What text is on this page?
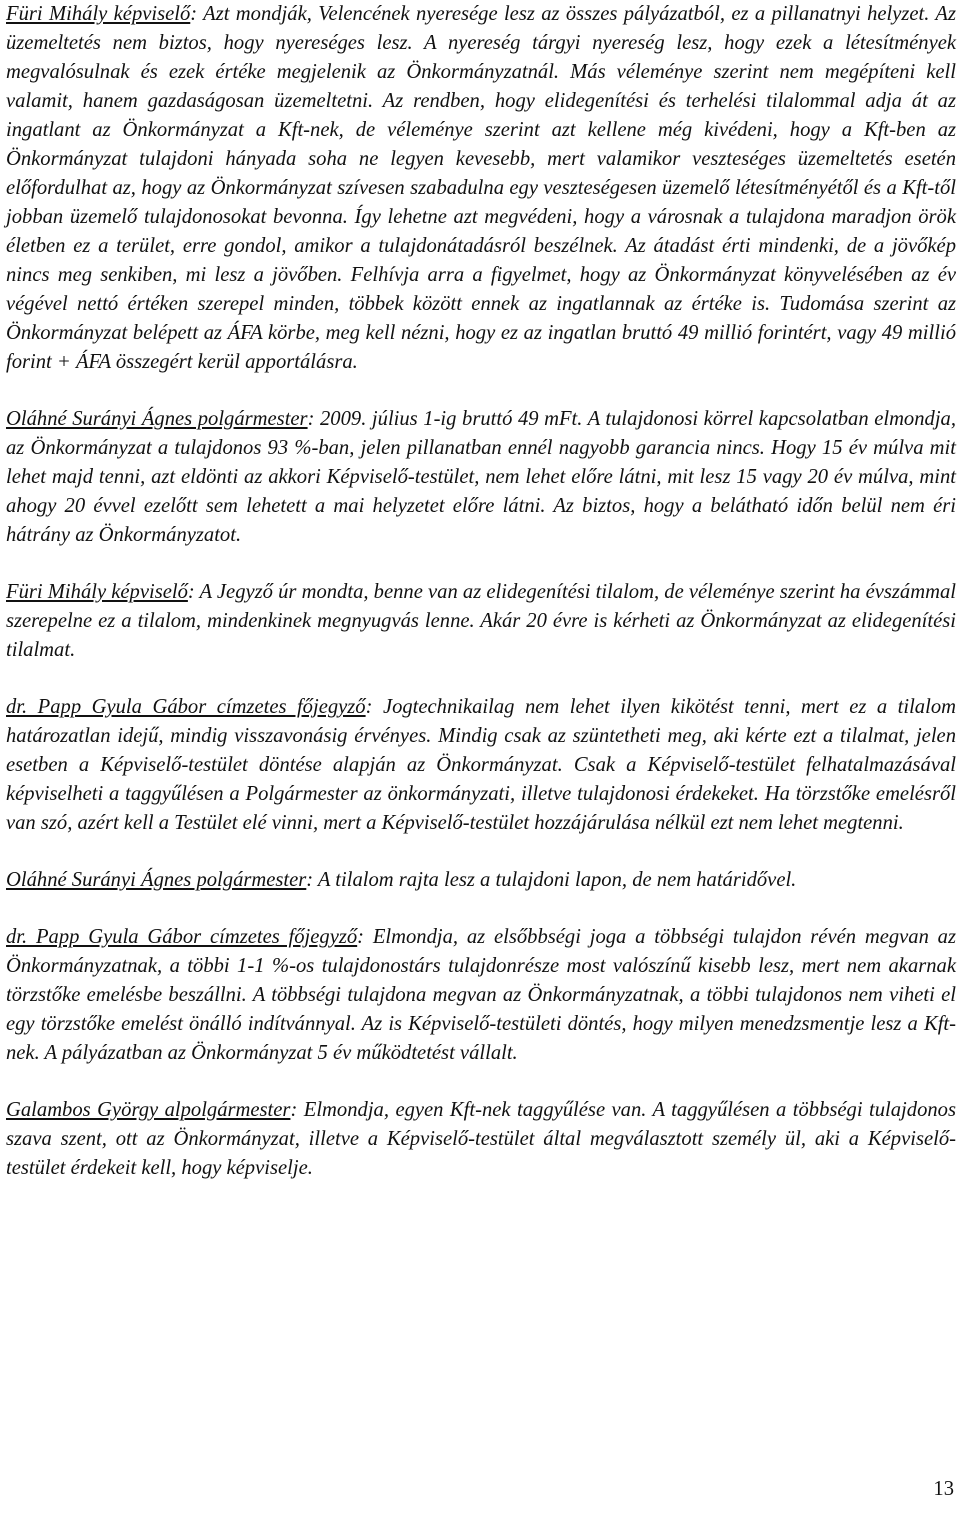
Füri Mihály képviselő: Azt mondják, Velencének nyeresége lesz az összes pályázatból, ez a pillanatnyi helyzet. Az üzemeltetés nem biztos, hogy nyereséges lesz. A nyereség tárgyi nyereség lesz, hogy ezek a létesítmények megvalósulnak és ezek értéke megjelenik az Önkormányzatnál. Más véleménye szerint nem megépíteni kell valamit, hanem gazdaságosan üzemeltetni. Az rendben, hogy elidegenítési és terhelési tilalommal adja át az ingatlant az Önkormányzat a Kft-nek, de véleménye szerint azt kellene még kivédeni, hogy a Kft-ben az Önkormányzat tulajdoni hányada soha ne legyen kevesebb, mert valamikor veszteséges üzemeltetés esetén előfordulhat az, hogy az Önkormányzat szívesen szabadulna egy veszteségesen üzemelő létesítményétől és a Kft-től jobban üzemelő tulajdonosokat bevonna. Így lehetne azt megvédeni, hogy a városnak a tulajdona maradjon örök életben ez a terület, erre gondol, amikor a tulajdonátadásról beszélnek. Az átadást érti mindenki, de a jövőkép nincs meg senkiben, mi lesz a jövőben. Felhívja arra a figyelmet, hogy az Önkormányzat könyvelésében az év végével nettó értéken szerepel minden, többek között ennek az ingatlannak az értéke is. Tudomása szerint az Önkormányzat belépett az ÁFA körbe, meg kell nézni, hogy ez az ingatlan bruttó 49 millió forintért, vagy 49 millió forint + ÁFA összegért kerül apportálásra.

Oláhné Surányi Ágnes polgármester: 2009. július 1-ig bruttó 49 mFt. A tulajdonosi körrel kapcsolatban elmondja, az Önkormányzat a tulajdonos 93 %-ban, jelen pillanatban ennél nagyobb garancia nincs. Hogy 15 év múlva mit lehet majd tenni, azt eldönti az akkori Képviselő-testület, nem lehet előre látni, mit lesz 15 vagy 20 év múlva, mint ahogy 20 évvel ezelőtt sem lehetett a mai helyzetet előre látni. Az biztos, hogy a belátható időn belül nem éri hátrány az Önkormányzatot.

Füri Mihály képviselő: A Jegyző úr mondta, benne van az elidegenítési tilalom, de véleménye szerint ha évszámmal szerepelne ez a tilalom, mindenkinek megnyugvás lenne. Akár 20 évre is kérheti az Önkormányzat az elidegenítési tilalmat.

dr. Papp Gyula Gábor címzetes főjegyző: Jogtechnikailag nem lehet ilyen kikötést tenni, mert ez a tilalom határozatlan idejű, mindig visszavonásig érvényes. Mindig csak az szüntetheti meg, aki kérte ezt a tilalmat, jelen esetben a Képviselő-testület döntése alapján az Önkormányzat. Csak a Képviselő-testület felhatalmazásával képviselheti a taggyűlésen a Polgármester az önkormányzati, illetve tulajdonosi érdekeket. Ha törzstőke emelésről van szó, azért kell a Testület elé vinni, mert a Képviselő-testület hozzájárulása nélkül ezt nem lehet megtenni.

Oláhné Surányi Ágnes polgármester: A tilalom rajta lesz a tulajdoni lapon, de nem határidővel.

dr. Papp Gyula Gábor címzetes főjegyző: Elmondja, az elsőbbségi joga a többségi tulajdon révén megvan az Önkormányzatnak, a többi 1-1 %-os tulajdonostárs tulajdonrésze most valószínű kisebb lesz, mert nem akarnak törzstőke emelésbe beszállni. A többségi tulajdona megvan az Önkormányzatnak, a többi tulajdonos nem viheti el egy törzstőke emelést önálló indítvánnyal. Az is Képviselő-testületi döntés, hogy milyen menedzsmentje lesz a Kft-nek. A pályázatban az Önkormányzat 5 év működtetést vállalt.

Galambos György alpolgármester: Elmondja, egyen Kft-nek taggyűlése van. A taggyűlésen a többségi tulajdonos szava szent, ott az Önkormányzat, illetve a Képviselő-testület által megválasztott személy ül, aki a Képviselő-testület érdekeit kell, hogy képviselje.

13
